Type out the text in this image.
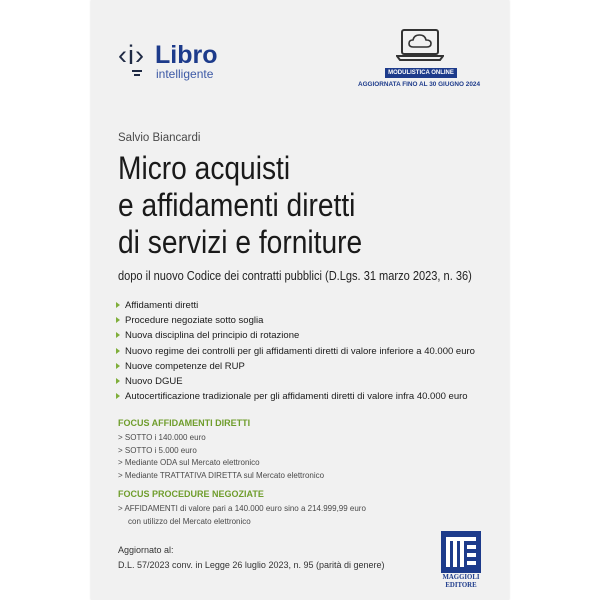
‹i› Libro
intelligente	MODULISTICA ONLINE
AGGIORNATA FINO AL 30 GIUGNO 2024
Salvio Biancardi
Micro acquisti
e affidamenti diretti
di servizi e forniture
dopo il nuovo Codice dei contratti pubblici (D.Lgs. 31 marzo 2023, n. 36)
Affidamenti diretti
Procedure negoziate sotto soglia
Nuova disciplina del principio di rotazione
Nuovo regime dei controlli per gli affidamenti diretti di valore inferiore a 40.000 euro
Nuove competenze del RUP
Nuovo DGUE
Autocertificazione tradizionale per gli affidamenti diretti di valore infra 40.000 euro
FOCUS AFFIDAMENTI DIRETTI
> SOTTO i 140.000 euro
> SOTTO i 5.000 euro
> Mediante ODA sul Mercato elettronico
> Mediante TRATTATIVA DIRETTA sul Mercato elettronico
FOCUS PROCEDURE NEGOZIATE
> AFFIDAMENTI di valore pari a 140.000 euro sino a 214.999,99 euro
con utilizzo del Mercato elettronico
Aggiornato al:
D.L. 57/2023 conv. in Legge 26 luglio 2023, n. 95 (parità di genere)
MAGGIOLI
EDITORE
